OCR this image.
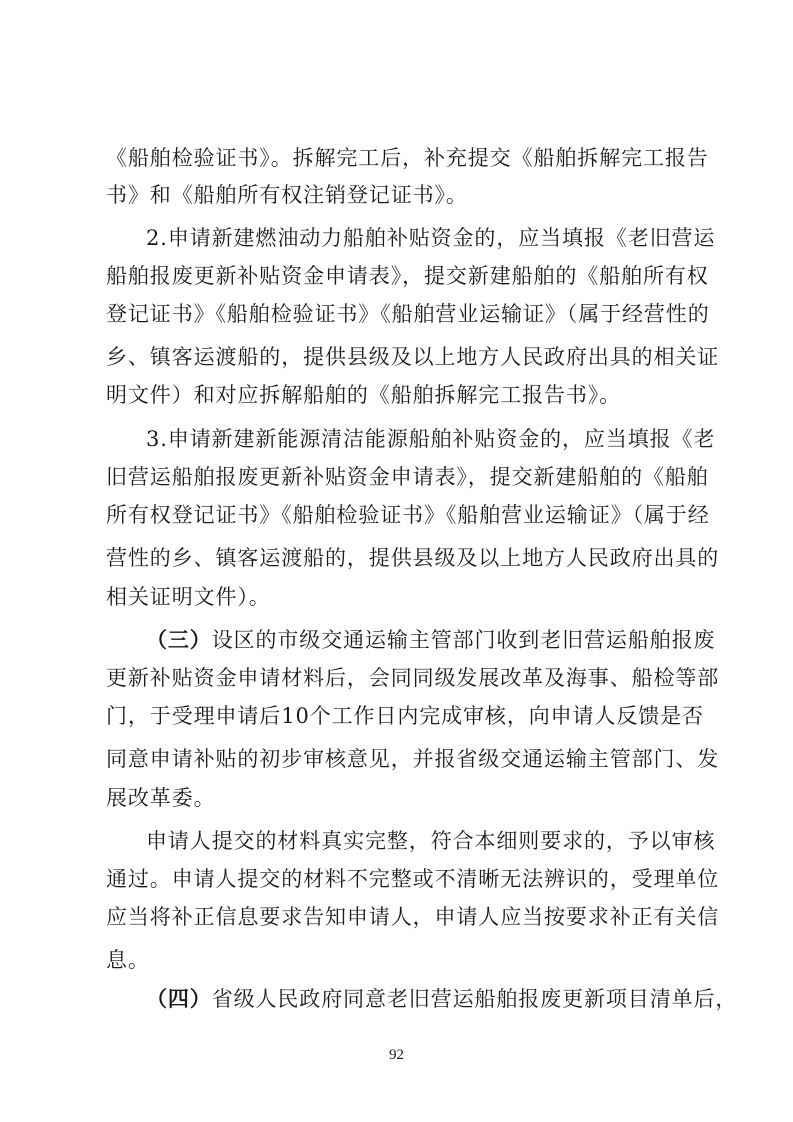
《船舶检验证书》。拆解完工后，补充提交《船舶拆解完工报告
书》和《船舶所有权注销登记证书》。
2.申请新建燃油动力船舶补贴资金的，应当填报《老旧营运
船舶报废更新补贴资金申请表》，提交新建船舶的《船舶所有权
登记证书》《船舶检验证书》《船舶营业运输证》（属于经营性的
乡、镇客运渡船的，提供县级及以上地方人民政府出具的相关证
明文件）和对应拆解船舶的《船舶拆解完工报告书》。
3.申请新建新能源清洁能源船舶补贴资金的，应当填报《老
旧营运船舶报废更新补贴资金申请表》，提交新建船舶的《船舶
所有权登记证书》《船舶检验证书》《船舶营业运输证》（属于经
营性的乡、镇客运渡船的，提供县级及以上地方人民政府出具的
相关证明文件）。
（三） 设区的市级交通运输主管部门收到老旧营运船舶报废
更新补贴资金申请材料后，会同同级发展改革及海事、船检等部
门，于受理申请后10个工作日内完成审核，向申请人反馈是否
同意申请补贴的初步审核意见，并报省级交通运输主管部门、发
展改革委。
申请人提交的材料真实完整，符合本细则要求的，予以审核
通过。申请人提交的材料不完整或不清晰无法辨识的，受理单位
应当将补正信息要求告知申请人，申请人应当按要求补正有关信
息。
（四） 省级人民政府同意老旧营运船舶报废更新项目清单后，
92
